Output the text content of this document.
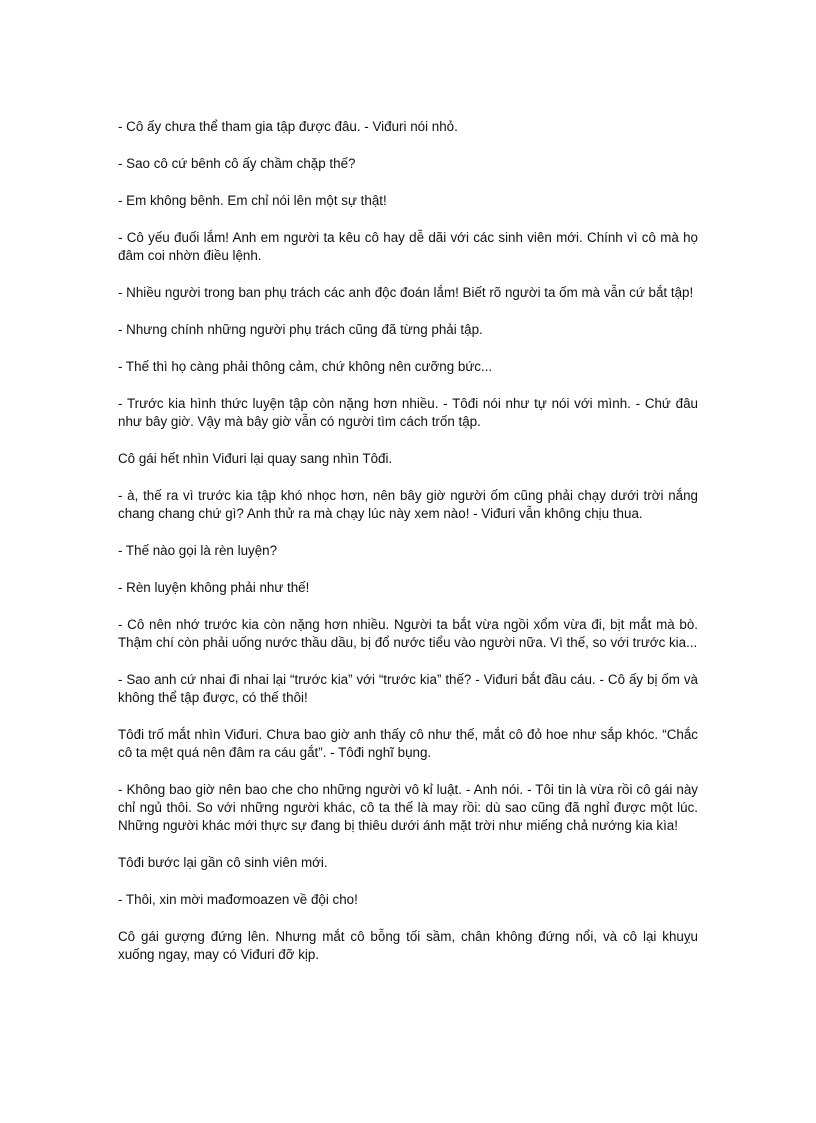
- Cô ấy chưa thể tham gia tập được đâu. - Viđuri nói nhỏ.

- Sao cô cứ bênh cô ấy chầm chặp thế?

- Em không bênh. Em chỉ nói lên một sự thật!

- Cô yếu đuối lắm! Anh em người ta kêu cô hay dễ dãi với các sinh viên mới. Chính vì cô mà họ đâm coi nhờn điều lệnh.

- Nhiều người trong ban phụ trách các anh độc đoán lắm! Biết rõ người ta ốm mà vẫn cứ bắt tập!

- Nhưng chính những người phụ trách cũng đã từng phải tập.

- Thế thì họ càng phải thông cảm, chứ không nên cưỡng bức...

- Trước kia hình thức luyện tập còn nặng hơn nhiều. - Tôđi nói như tự nói với mình. - Chứ đâu như bây giờ. Vậy mà bây giờ vẫn có người tìm cách trốn tập.

Cô gái hết nhìn Viđuri lại quay sang nhìn Tôđi.

- à, thế ra vì trước kia tập khó nhọc hơn, nên bây giờ người ốm cũng phải chạy dưới trời nắng chang chang chứ gì? Anh thử ra mà chạy lúc này xem nào! - Viđuri vẫn không chịu thua.

- Thế nào gọi là rèn luyện?

- Rèn luyện không phải như thế!

- Cô nên nhớ trước kia còn nặng hơn nhiều. Người ta bắt vừa ngồi xổm vừa đi, bịt mắt mà bò. Thậm chí còn phải uống nước thầu dầu, bị đổ nước tiểu vào người nữa. Vì thế, so với trước kia...

- Sao anh cứ nhai đi nhai lại “trước kia” với “trước kia” thế? - Viđuri bắt đầu cáu. - Cô ấy bị ốm và không thể tập được, có thế thôi!

Tôđi trố mắt nhìn Viđuri. Chưa bao giờ anh thấy cô như thế, mắt cô đỏ hoe như sắp khóc. “Chắc cô ta mệt quá nên đâm ra cáu gắt”. - Tôđi nghĩ bụng.

- Không bao giờ nên bao che cho những người vô kỉ luật. - Anh nói. - Tôi tin là vừa rồi cô gái này chỉ ngủ thôi. So với những người khác, cô ta thế là may rồi: dù sao cũng đã nghỉ được một lúc. Những người khác mới thực sự đang bị thiêu dưới ánh mặt trời như miếng chả nướng kia kìa!

Tôđi bước lại gần cô sinh viên mới.

- Thôi, xin mời mađơmoazen về đội cho!

Cô gái gượng đứng lên. Nhưng mắt cô bỗng tối sầm, chân không đứng nổi, và cô lại khuỵu xuống ngay, may có Viđuri đỡ kịp.
